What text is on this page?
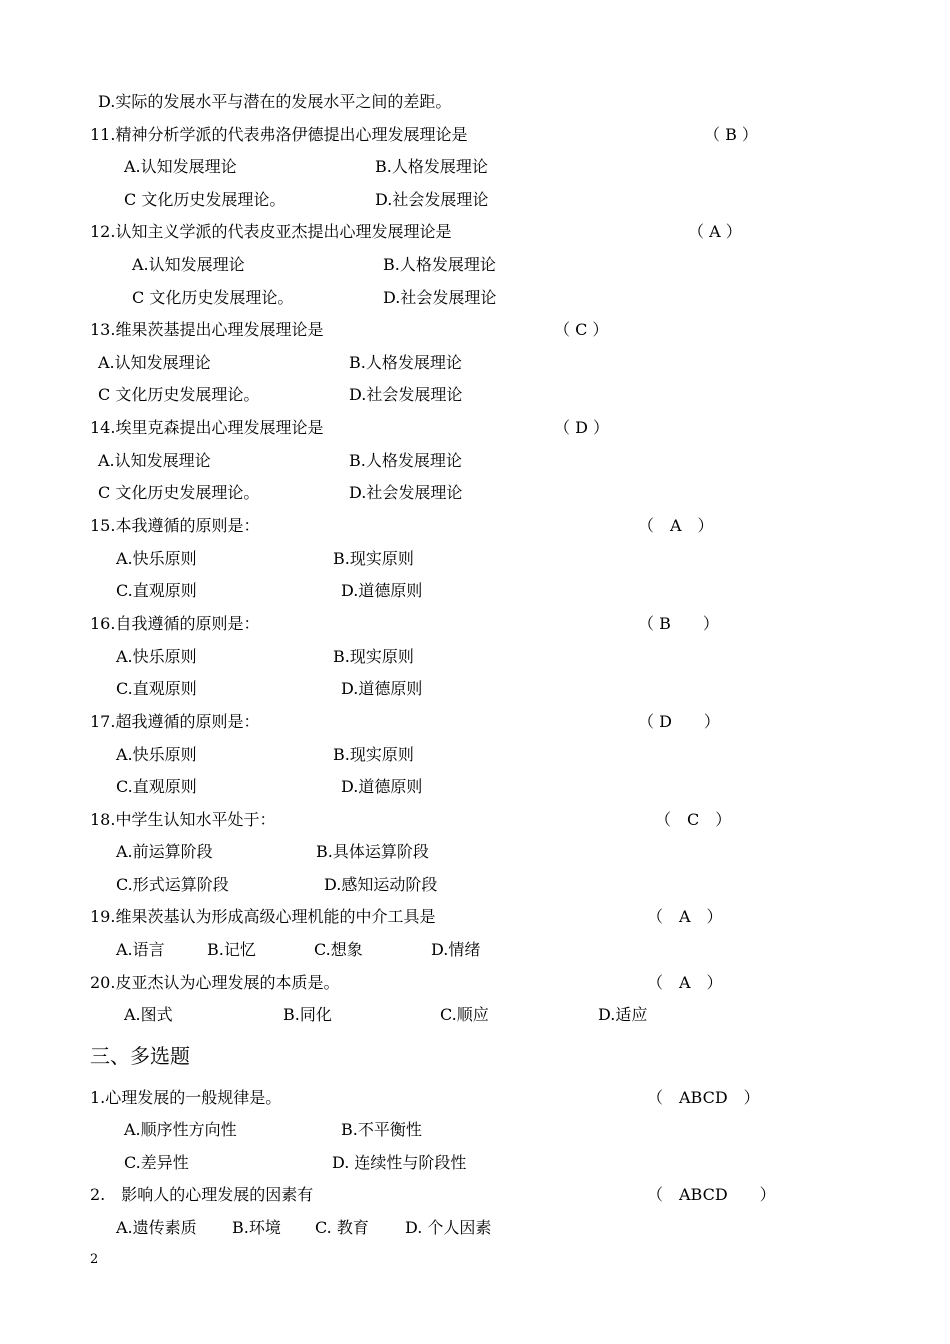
D.实际的发展水平与潜在的发展水平之间的差距。
11.精神分析学派的代表弗洛伊德提出心理发展理论是	（ B ）
A.认知发展理论	B.人格发展理论
C 文化历史发展理论。	D.社会发展理论
12.认知主义学派的代表皮亚杰提出心理发展理论是	（ A ）
A.认知发展理论	B.人格发展理论
C 文化历史发展理论。	D.社会发展理论
13.维果茨基提出心理发展理论是	（ C ）
A.认知发展理论	B.人格发展理论
C 文化历史发展理论。	D.社会发展理论
14.埃里克森提出心理发展理论是	（ D ）
A.认知发展理论	B.人格发展理论
C 文化历史发展理论。	D.社会发展理论
15.本我遵循的原则是：	（　A　）
A.快乐原则	B.现实原则
C.直观原则	D.道德原则
16.自我遵循的原则是：	（ B　　）
A.快乐原则	B.现实原则
C.直观原则	D.道德原则
17.超我遵循的原则是：	（ D　　）
A.快乐原则	B.现实原则
C.直观原则	D.道德原则
18.中学生认知水平处于：	（　C　）
A.前运算阶段	B.具体运算阶段
C.形式运算阶段	D.感知运动阶段
19.维果茨基认为形成高级心理机能的中介工具是	（　A　）
A.语言	B.记忆	C.想象	D.情绪
20.皮亚杰认为心理发展的本质是。	（　A　）
A.图式	B.同化	C.顺应	D.适应
三、多选题
1.心理发展的一般规律是。	（　ABCD　）
A.顺序性方向性	B.不平衡性
C.差异性	D. 连续性与阶段性
2.　影响人的心理发展的因素有	（　ABCD　　）
A.遗传素质 B.环境 C. 教育 D. 个人因素
2
